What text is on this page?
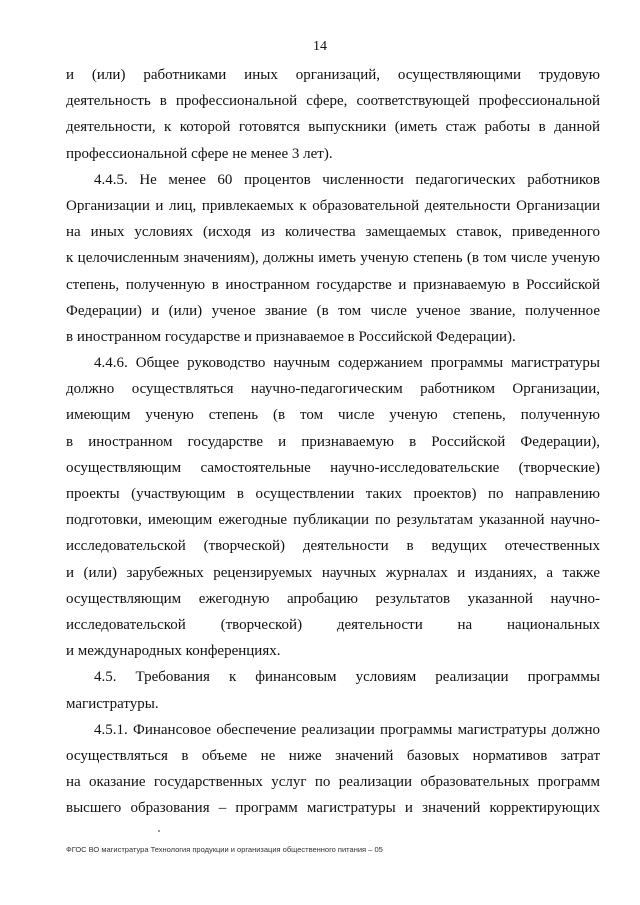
14
и (или) работниками иных организаций, осуществляющими трудовую
деятельность в профессиональной сфере, соответствующей профессиональной
деятельности, к которой готовятся выпускники (иметь стаж работы в данной
профессиональной сфере не менее 3 лет).
4.4.5. Не менее 60 процентов численности педагогических работников
Организации и лиц, привлекаемых к образовательной деятельности Организации
на иных условиях (исходя из количества замещаемых ставок, приведенного
к целочисленным значениям), должны иметь ученую степень (в том числе ученую
степень, полученную в иностранном государстве и признаваемую в Российской
Федерации) и (или) ученое звание (в том числе ученое звание, полученное
в иностранном государстве и признаваемое в Российской Федерации).
4.4.6. Общее руководство научным содержанием программы магистратуры
должно осуществляться научно-педагогическим работником Организации,
имеющим ученую степень (в том числе ученую степень, полученную
в иностранном государстве и признаваемую в Российской Федерации),
осуществляющим самостоятельные научно-исследовательские (творческие)
проекты (участвующим в осуществлении таких проектов) по направлению
подготовки, имеющим ежегодные публикации по результатам указанной научно-
исследовательской (творческой) деятельности в ведущих отечественных
и (или) зарубежных рецензируемых научных журналах и изданиях, а также
осуществляющим ежегодную апробацию результатов указанной научно-
исследовательской (творческой) деятельности на национальных
и международных конференциях.
4.5. Требования к финансовым условиям реализации программы
магистратуры.
4.5.1. Финансовое обеспечение реализации программы магистратуры должно
осуществляться в объеме не ниже значений базовых нормативов затрат
на оказание государственных услуг по реализации образовательных программ
высшего образования – программ магистратуры и значений корректирующих
ФГОС ВО магистратура Технология продукции и организация общественного питания – 05
